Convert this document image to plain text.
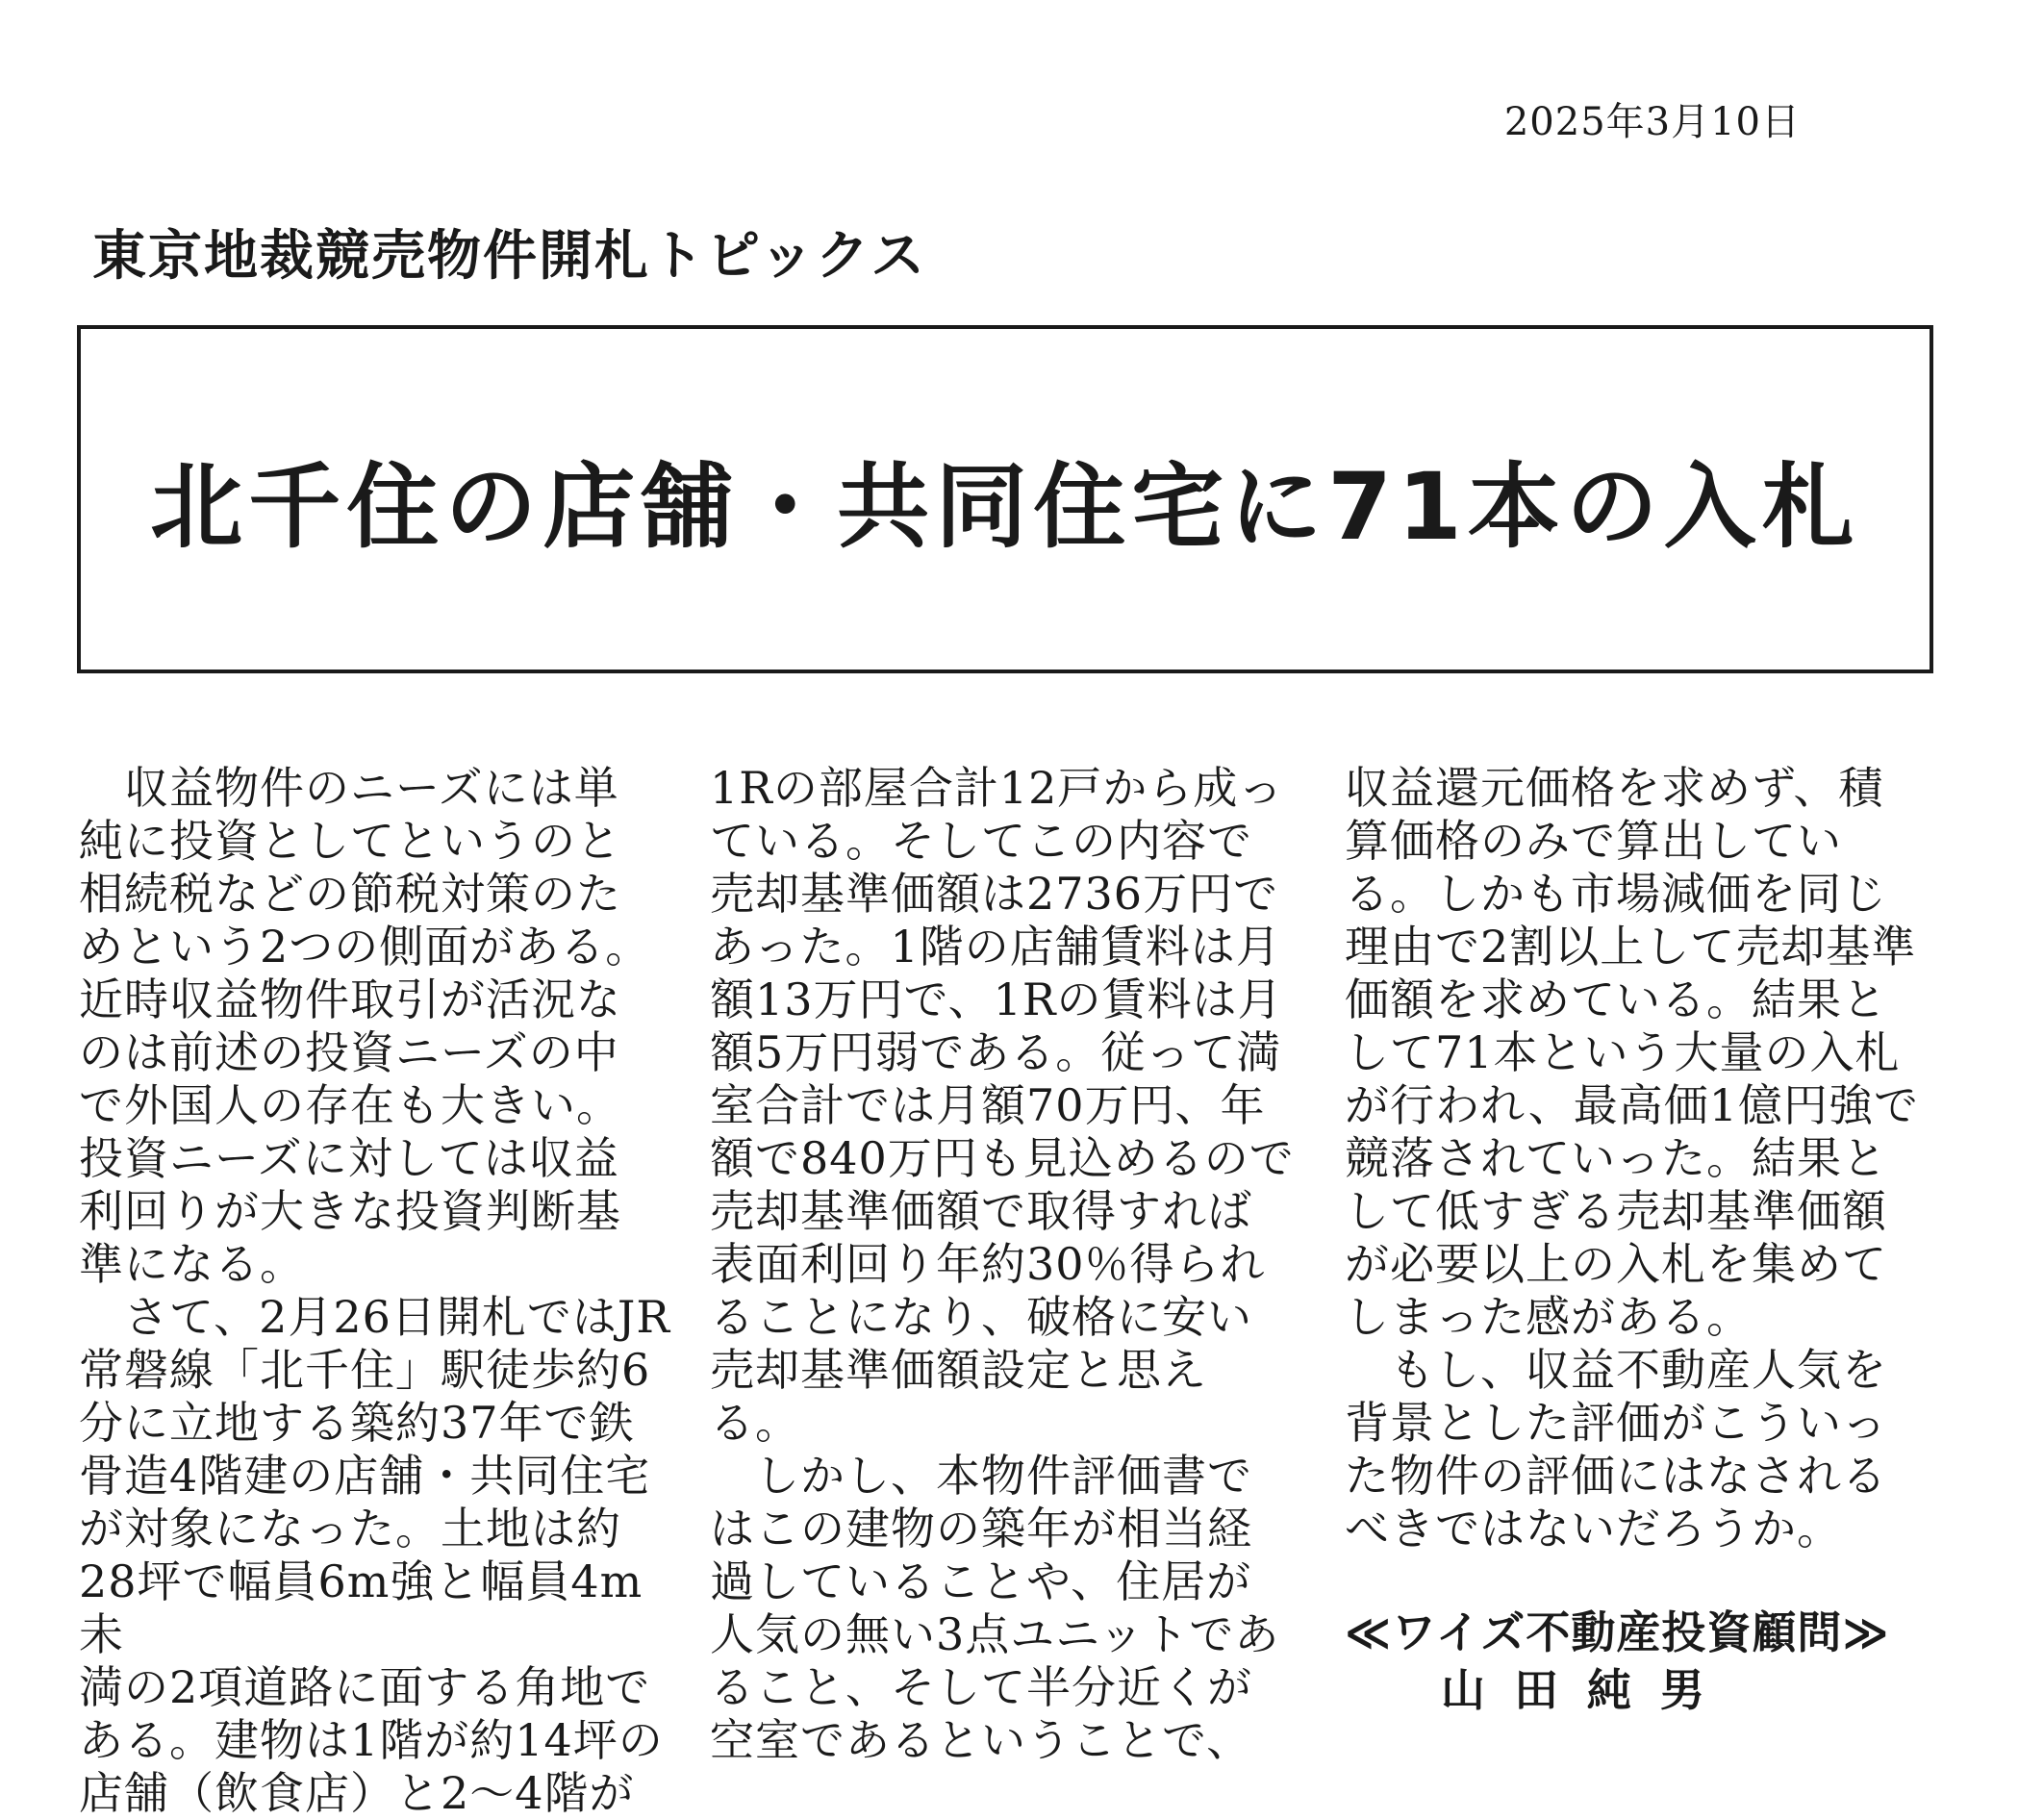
2025年3月10日
東京地裁競売物件開札トピックス
北千住の店舗・共同住宅に71本の入札

　収益物件のニーズには単
純に投資としてというのと
相続税などの節税対策のた
めという2つの側面がある。
近時収益物件取引が活況な
のは前述の投資ニーズの中
で外国人の存在も大きい。
投資ニーズに対しては収益
利回りが大きな投資判断基
準になる。

　さて、2月26日開札ではJR
常磐線「北千住」駅徒歩約6
分に立地する築約37年で鉄
骨造4階建の店舗・共同住宅
が対象になった。土地は約
28坪で幅員6m強と幅員4m未
満の2項道路に面する角地で
ある。建物は1階が約14坪の
店舗（飲食店）と2～4階が

1Rの部屋合計12戸から成っ
ている。そしてこの内容で
売却基準価額は2736万円で
あった。1階の店舗賃料は月
額13万円で、1Rの賃料は月
額5万円弱である。従って満
室合計では月額70万円、年
額で840万円も見込めるので
売却基準価額で取得すれば
表面利回り年約30％得られ
ることになり、破格に安い
売却基準価額設定と思え
る。

　しかし、本物件評価書で
はこの建物の築年が相当経
過していることや、住居が
人気の無い3点ユニットであ
ること、そして半分近くが
空室であるということで、

収益還元価格を求めず、積
算価格のみで算出してい
る。しかも市場減価を同じ
理由で2割以上して売却基準
価額を求めている。結果と
して71本という大量の入札
が行われ、最高価1億円強で
競落されていった。結果と
して低すぎる売却基準価額
が必要以上の入札を集めて
しまった感がある。

　もし、収益不動産人気を
背景とした評価がこういっ
た物件の評価にはなされる
べきではないだろうか。

≪ワイズ不動産投資顧問≫
山田純男
